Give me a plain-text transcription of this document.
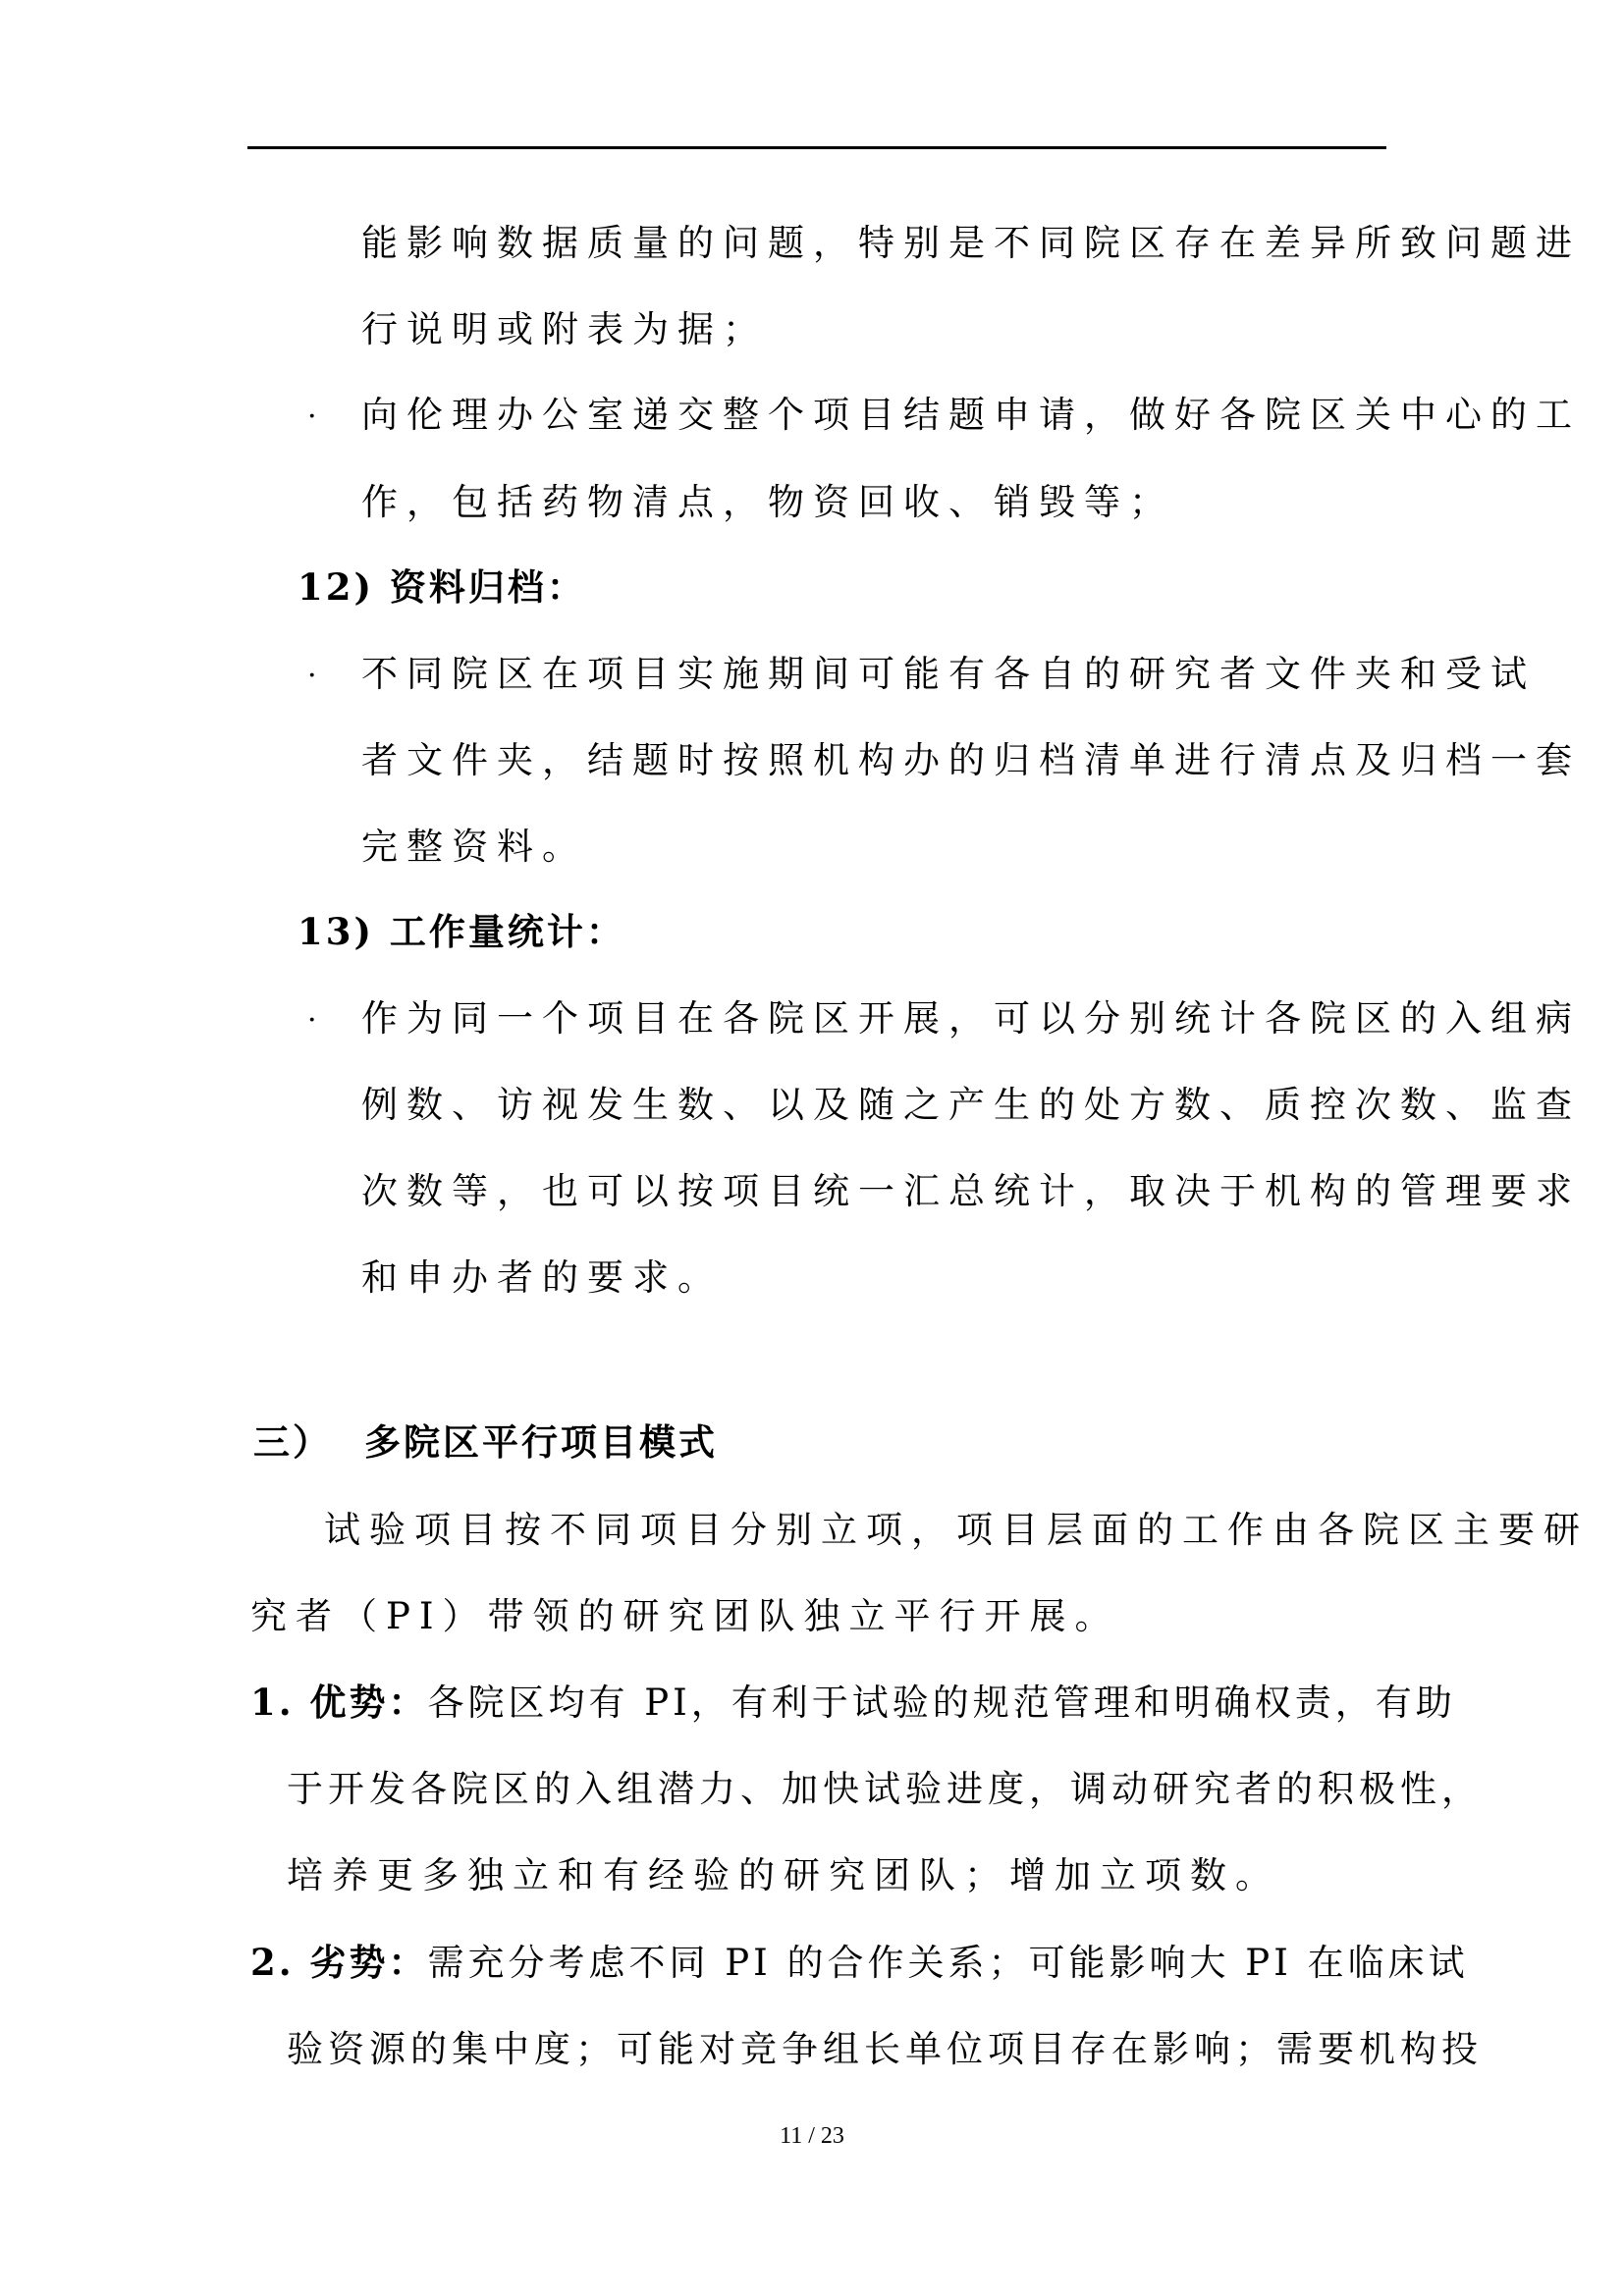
能影响数据质量的问题，特别是不同院区存在差异所致问题进
行说明或附表为据；
· 向伦理办公室递交整个项目结题申请，做好各院区关中心的工
作，包括药物清点，物资回收、销毁等；
12) 资料归档：
· 不同院区在项目实施期间可能有各自的研究者文件夹和受试
者文件夹，结题时按照机构办的归档清单进行清点及归档一套
完整资料。
13) 工作量统计：
· 作为同一个项目在各院区开展，可以分别统计各院区的入组病
例数、访视发生数、以及随之产生的处方数、质控次数、监查
次数等，也可以按项目统一汇总统计，取决于机构的管理要求
和申办者的要求。
三） 多院区平行项目模式
试验项目按不同项目分别立项，项目层面的工作由各院区主要研
究者（PI）带领的研究团队独立平行开展。
1. 优势：各院区均有 PI，有利于试验的规范管理和明确权责，有助
于开发各院区的入组潜力、加快试验进度，调动研究者的积极性，
培养更多独立和有经验的研究团队；增加立项数。
2. 劣势：需充分考虑不同 PI 的合作关系；可能影响大 PI 在临床试
验资源的集中度；可能对竞争组长单位项目存在影响；需要机构投
11 / 23
